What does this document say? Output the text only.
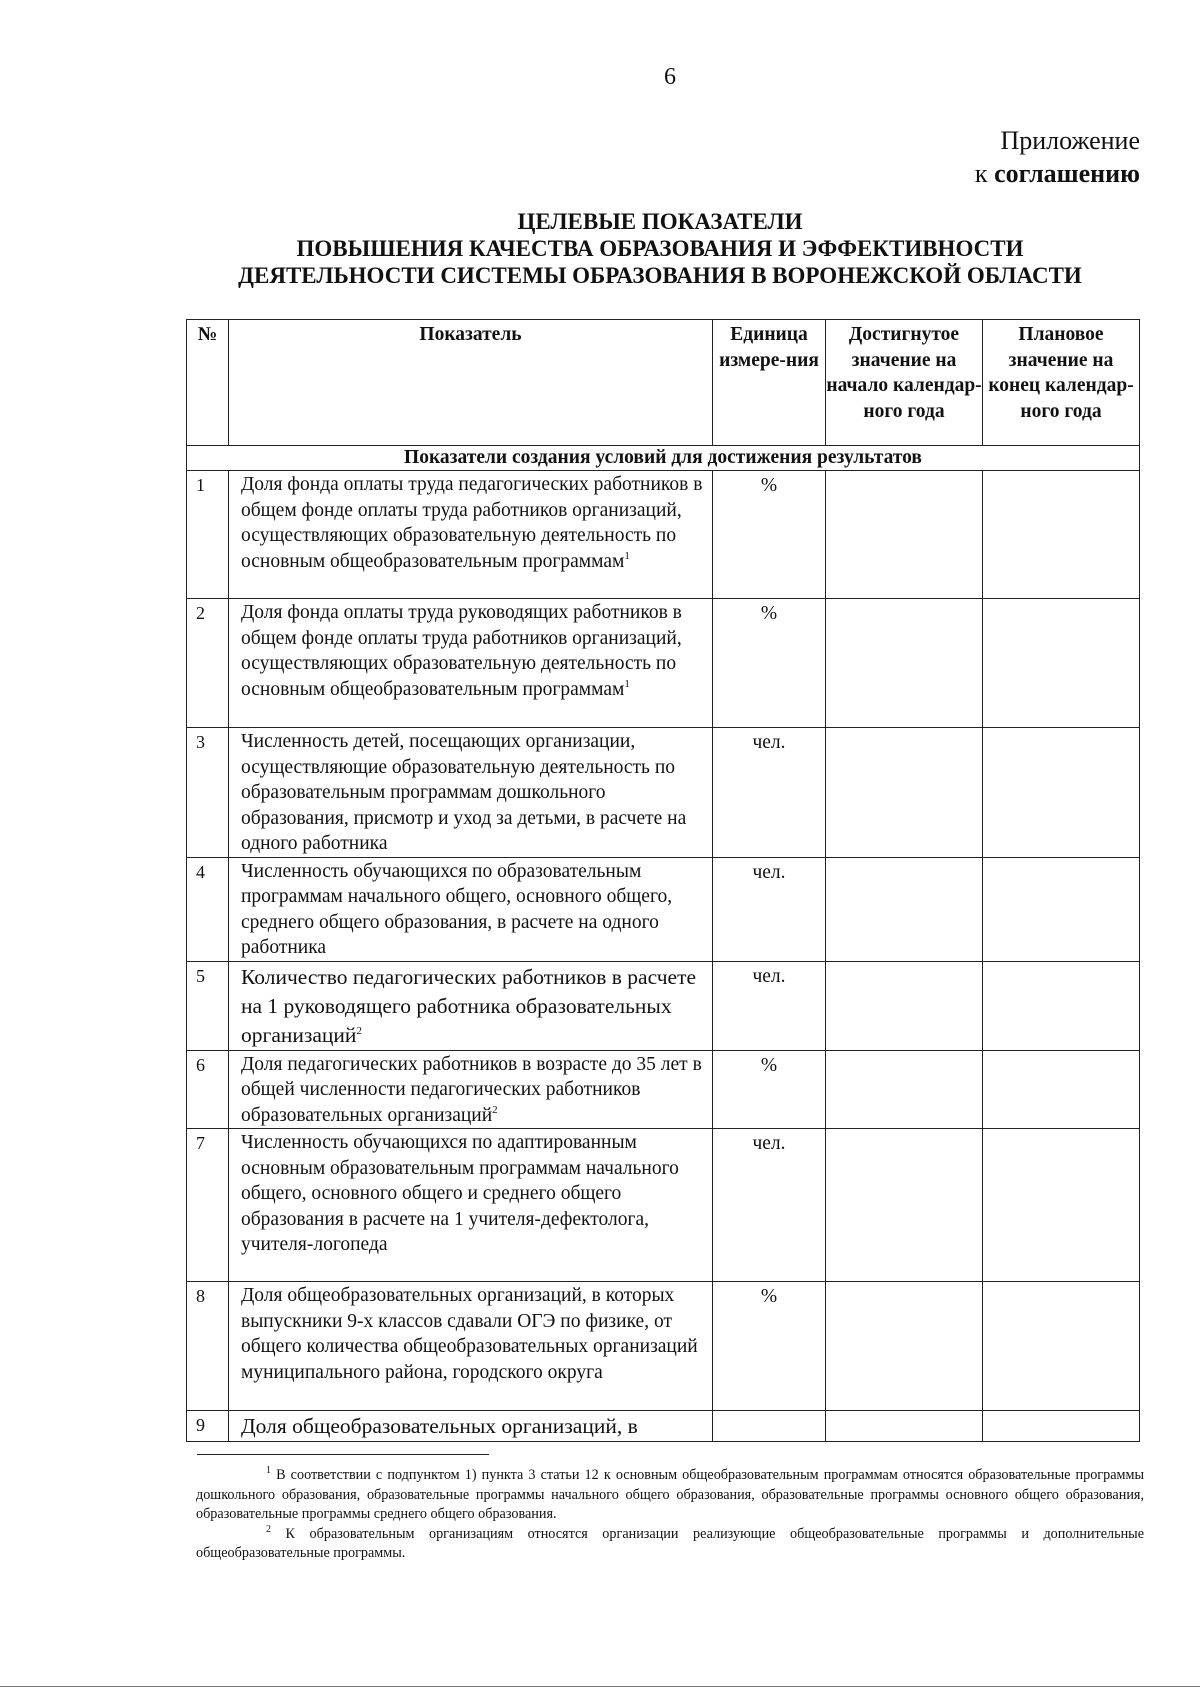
6
Приложение
к соглашению
ЦЕЛЕВЫЕ ПОКАЗАТЕЛИ
ПОВЫШЕНИЯ КАЧЕСТВА ОБРАЗОВАНИЯ И ЭФФЕКТИВНОСТИ
ДЕЯТЕЛЬНОСТИ СИСТЕМЫ ОБРАЗОВАНИЯ В ВОРОНЕЖСКОЙ ОБЛАСТИ
№	Показатель	Единица измере-ния	Достигнутое значение на начало календар-ного года	Плановое значение на конец календар-ного года
Показатели создания условий для достижения результатов				
1	Доля фонда оплаты труда педагогических работников в общем фонде оплаты труда работников организаций, осуществляющих образовательную деятельность по основным общеобразовательным программам$^1$	%		
2	Доля фонда оплаты труда руководящих работников в общем фонде оплаты труда работников организаций, осуществляющих образовательную деятельность по основным общеобразовательным программам$^1$	%		
3	Численность детей, посещающих организации, осуществляющие образовательную деятельность по образовательным программам дошкольного образования, присмотр и уход за детьми, в расчете на одного работника	чел.		
4	Численность обучающихся по образовательным программам начального общего, основного общего, среднего общего образования, в расчете на одного работника	чел.		
5	Количество педагогических работников в расчете на 1 руководящего работника образовательных организаций$^2$	чел.		
6	Доля педагогических работников в возрасте до 35 лет в общей численности педагогических работников образовательных организаций$^2$	%		
7	Численность обучающихся по адаптированным основным образовательным программам начального общего, основного общего и среднего общего образования в расчете на 1 учителя-дефектолога, учителя-логопеда	чел.		
8	Доля общеобразовательных организаций, в которых выпускники 9-х классов сдавали ОГЭ по физике, от общего количества общеобразовательных организаций муниципального района, городского округа	%		
9	Доля общеобразовательных организаций, в			

$^1$ В соответствии с подпунктом 1) пункта 3 статьи 12 к основным общеобразовательным программам относятся образовательные программы дошкольного образования, образовательные программы начального общего образования, образовательные программы основного общего образования, образовательные программы среднего общего образования.

$^2$ К образовательным организациям относятся организации реализующие общеобразовательные программы и дополнительные общеобразовательные программы.
